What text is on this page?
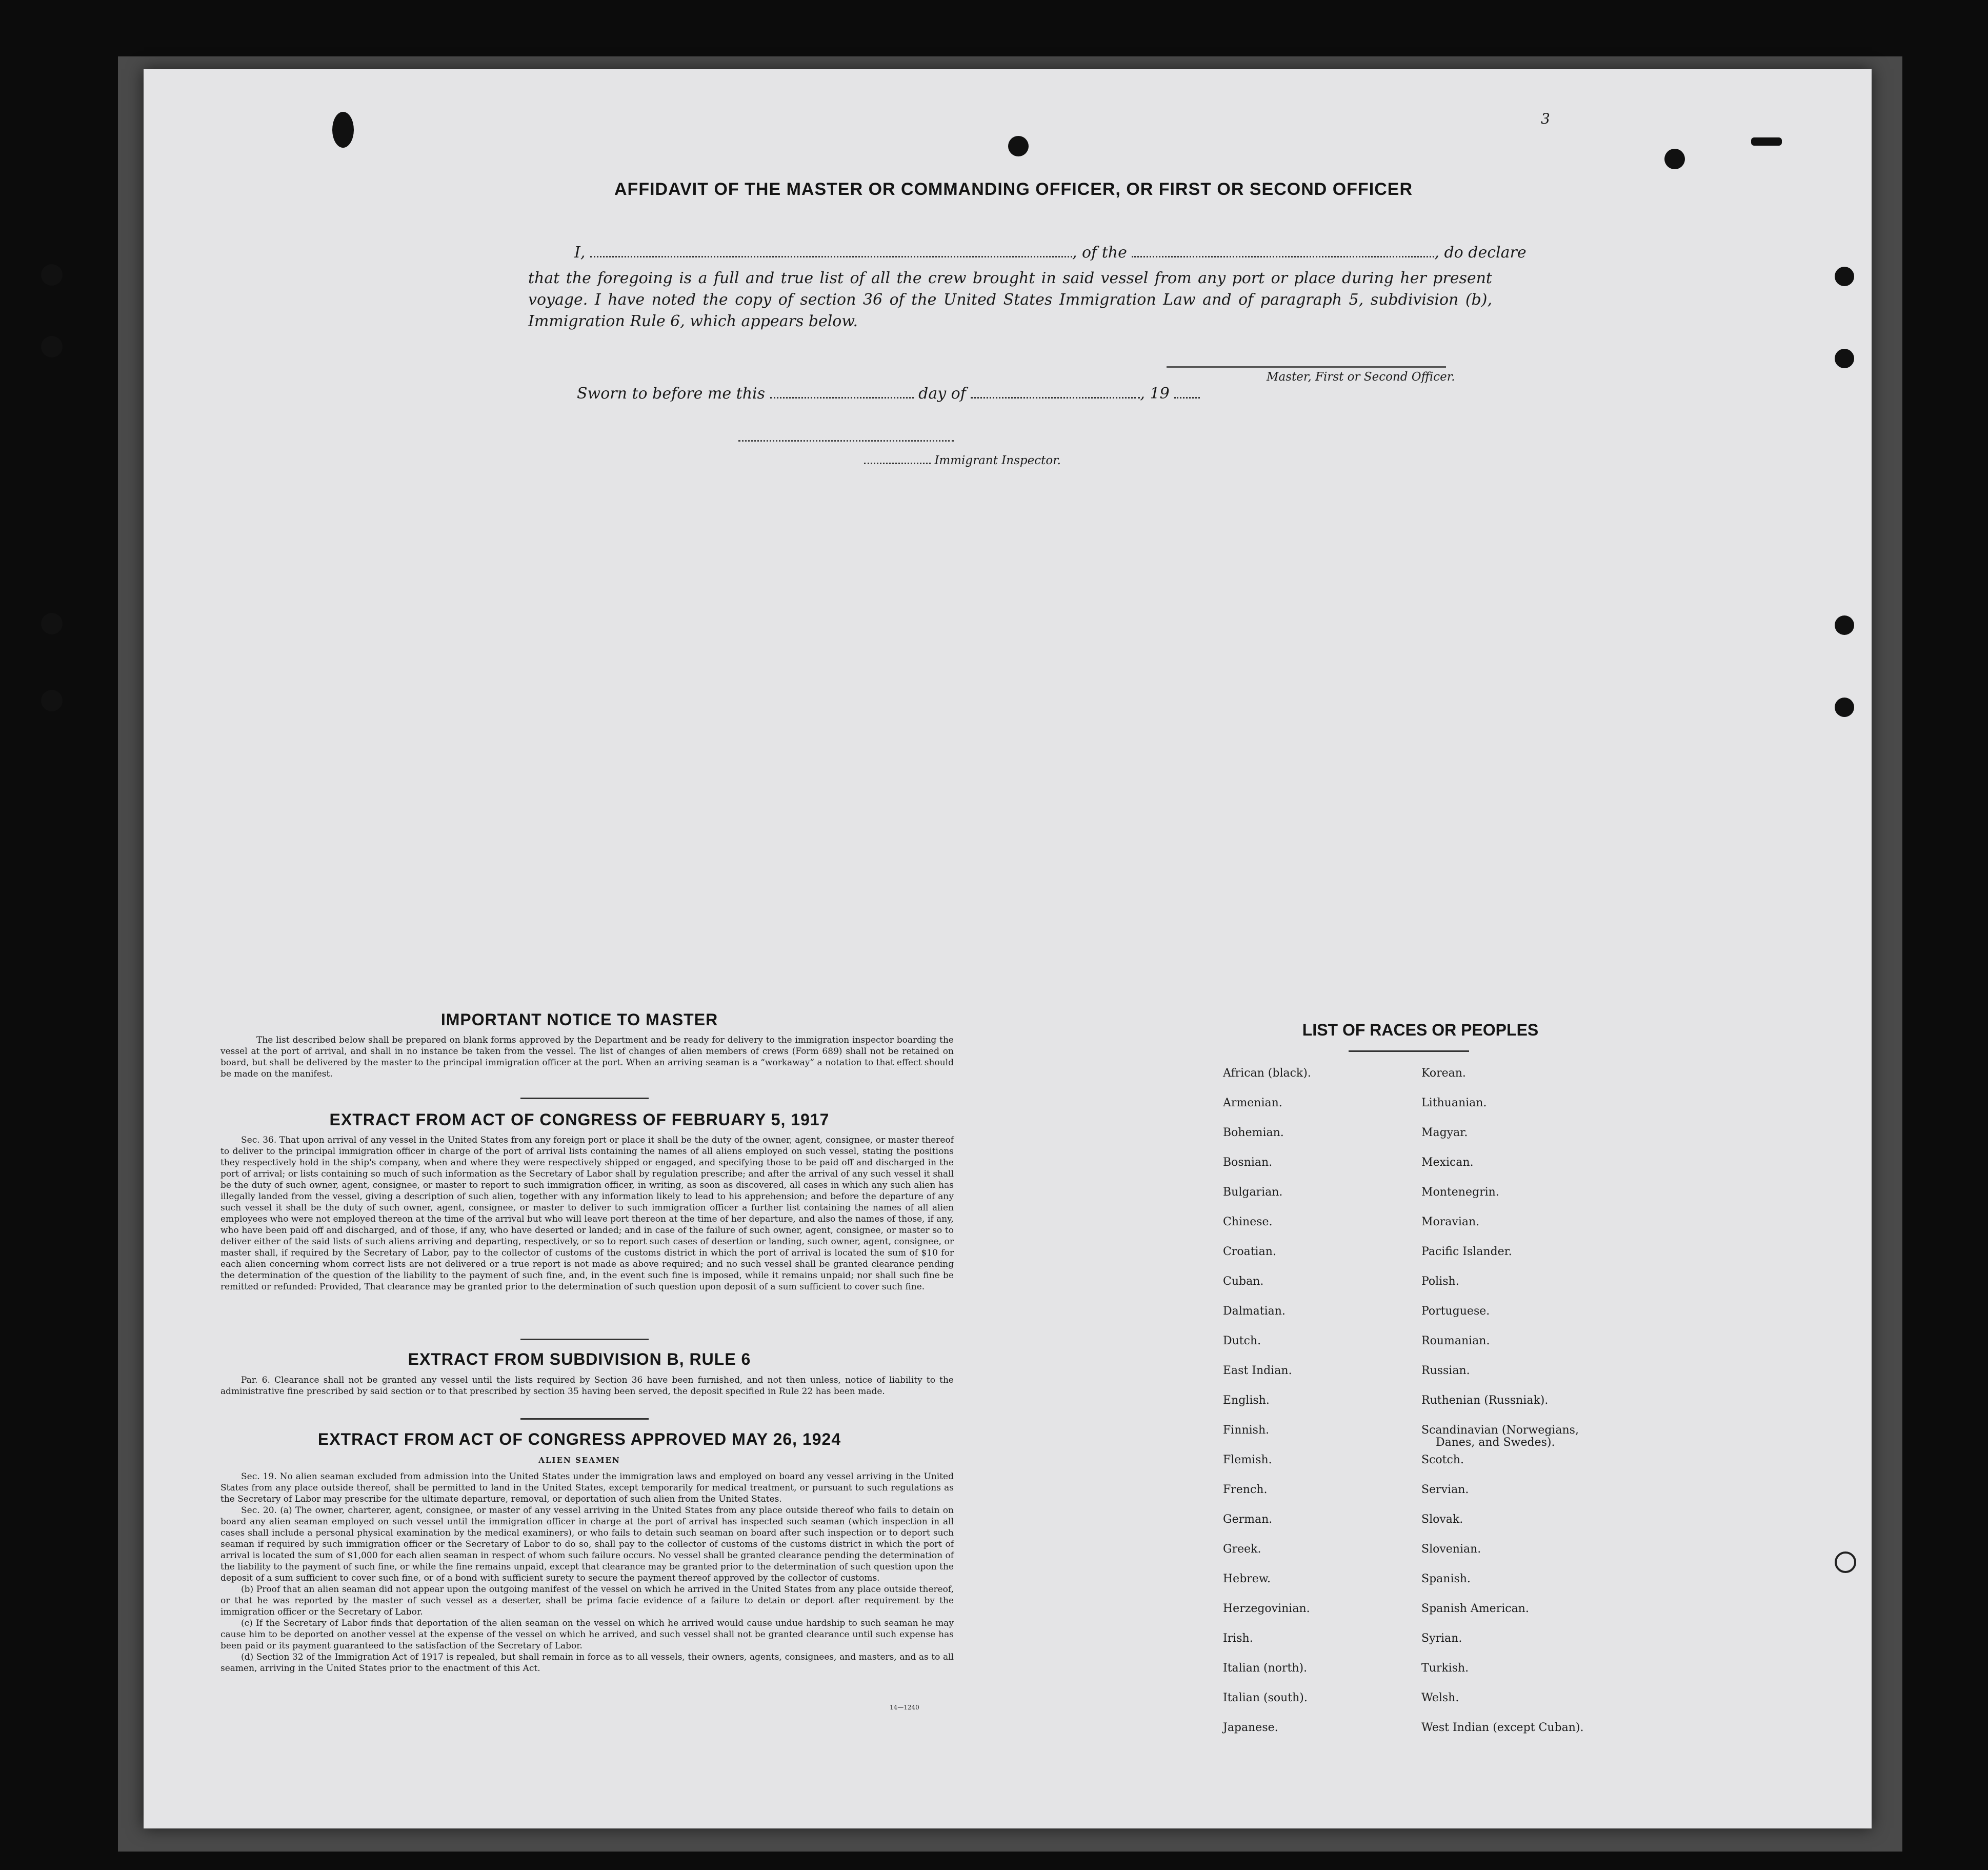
3
AFFIDAVIT OF THE MASTER OR COMMANDING OFFICER, OR FIRST OR SECOND OFFICER
I,	, of the	, do declare
that the foregoing is a full and true list of all the crew brought in said vessel from any port or place during her present voyage. I have noted the copy of section 36 of the United States Immigration Law and of paragraph 5, subdivision (b), Immigration Rule 6, which appears below.
Master, First or Second Officer.
Sworn to before me this	day of	, 19
Immigrant Inspector.
IMPORTANT NOTICE TO MASTER
The list described below shall be prepared on blank forms approved by the Department and be ready for delivery to the immigration inspector boarding the vessel at the port of arrival, and shall in no instance be taken from the vessel. The list of changes of alien members of crews (Form 689) shall not be retained on board, but shall be delivered by the master to the principal immigration officer at the port. When an arriving seaman is a “workaway” a notation to that effect should be made on the manifest.
EXTRACT FROM ACT OF CONGRESS OF FEBRUARY 5, 1917
Sec. 36. That upon arrival of any vessel in the United States from any foreign port or place it shall be the duty of the owner, agent, consignee, or master thereof to deliver to the principal immigration officer in charge of the port of arrival lists containing the names of all aliens employed on such vessel, stating the positions they respectively hold in the ship's company, when and where they were respectively shipped or engaged, and specifying those to be paid off and discharged in the port of arrival; or lists containing so much of such information as the Secretary of Labor shall by regulation prescribe; and after the arrival of any such vessel it shall be the duty of such owner, agent, consignee, or master to report to such immigration officer, in writing, as soon as discovered, all cases in which any such alien has illegally landed from the vessel, giving a description of such alien, together with any information likely to lead to his apprehension; and before the departure of any such vessel it shall be the duty of such owner, agent, consignee, or master to deliver to such immigration officer a further list containing the names of all alien employees who were not employed thereon at the time of the arrival but who will leave port thereon at the time of her departure, and also the names of those, if any, who have been paid off and discharged, and of those, if any, who have deserted or landed; and in case of the failure of such owner, agent, consignee, or master so to deliver either of the said lists of such aliens arriving and departing, respectively, or so to report such cases of desertion or landing, such owner, agent, consignee, or master shall, if required by the Secretary of Labor, pay to the collector of customs of the customs district in which the port of arrival is located the sum of $10 for each alien concerning whom correct lists are not delivered or a true report is not made as above required; and no such vessel shall be granted clearance pending the determination of the question of the liability to the payment of such fine, and, in the event such fine is imposed, while it remains unpaid; nor shall such fine be remitted or refunded: Provided, That clearance may be granted prior to the determination of such question upon deposit of a sum sufficient to cover such fine.
EXTRACT FROM SUBDIVISION B, RULE 6
Par. 6. Clearance shall not be granted any vessel until the lists required by Section 36 have been furnished, and not then unless, notice of liability to the administrative fine prescribed by said section or to that prescribed by section 35 having been served, the deposit specified in Rule 22 has been made.
EXTRACT FROM ACT OF CONGRESS APPROVED MAY 26, 1924
ALIEN SEAMEN
Sec. 19. No alien seaman excluded from admission into the United States under the immigration laws and employed on board any vessel arriving in the United States from any place outside thereof, shall be permitted to land in the United States, except temporarily for medical treatment, or pursuant to such regulations as the Secretary of Labor may prescribe for the ultimate departure, removal, or deportation of such alien from the United States.
Sec. 20. (a) The owner, charterer, agent, consignee, or master of any vessel arriving in the United States from any place outside thereof who fails to detain on board any alien seaman employed on such vessel until the immigration officer in charge at the port of arrival has inspected such seaman (which inspection in all cases shall include a personal physical examination by the medical examiners), or who fails to detain such seaman on board after such inspection or to deport such seaman if required by such immigration officer or the Secretary of Labor to do so, shall pay to the collector of customs of the customs district in which the port of arrival is located the sum of $1,000 for each alien seaman in respect of whom such failure occurs. No vessel shall be granted clearance pending the determination of the liability to the payment of such fine, or while the fine remains unpaid, except that clearance may be granted prior to the determination of such question upon the deposit of a sum sufficient to cover such fine, or of a bond with sufficient surety to secure the payment thereof approved by the collector of customs.
(b) Proof that an alien seaman did not appear upon the outgoing manifest of the vessel on which he arrived in the United States from any place outside thereof, or that he was reported by the master of such vessel as a deserter, shall be prima facie evidence of a failure to detain or deport after requirement by the immigration officer or the Secretary of Labor.
(c) If the Secretary of Labor finds that deportation of the alien seaman on the vessel on which he arrived would cause undue hardship to such seaman he may cause him to be deported on another vessel at the expense of the vessel on which he arrived, and such vessel shall not be granted clearance until such expense has been paid or its payment guaranteed to the satisfaction of the Secretary of Labor.
(d) Section 32 of the Immigration Act of 1917 is repealed, but shall remain in force as to all vessels, their owners, agents, consignees, and masters, and as to all seamen, arriving in the United States prior to the enactment of this Act.
14—1240
LIST OF RACES OR PEOPLES
African (black).
Armenian.
Bohemian.
Bosnian.
Bulgarian.
Chinese.
Croatian.
Cuban.
Dalmatian.
Dutch.
East Indian.
English.
Finnish.
Flemish.
French.
German.
Greek.
Hebrew.
Herzegovinian.
Irish.
Italian (north).
Italian (south).
Japanese.
Korean.
Lithuanian.
Magyar.
Mexican.
Montenegrin.
Moravian.
Pacific Islander.
Polish.
Portuguese.
Roumanian.
Russian.
Ruthenian (Russniak).
Scandinavian (Norwegians,
Danes, and Swedes).
Scotch.
Servian.
Slovak.
Slovenian.
Spanish.
Spanish American.
Syrian.
Turkish.
Welsh.
West Indian (except Cuban).
